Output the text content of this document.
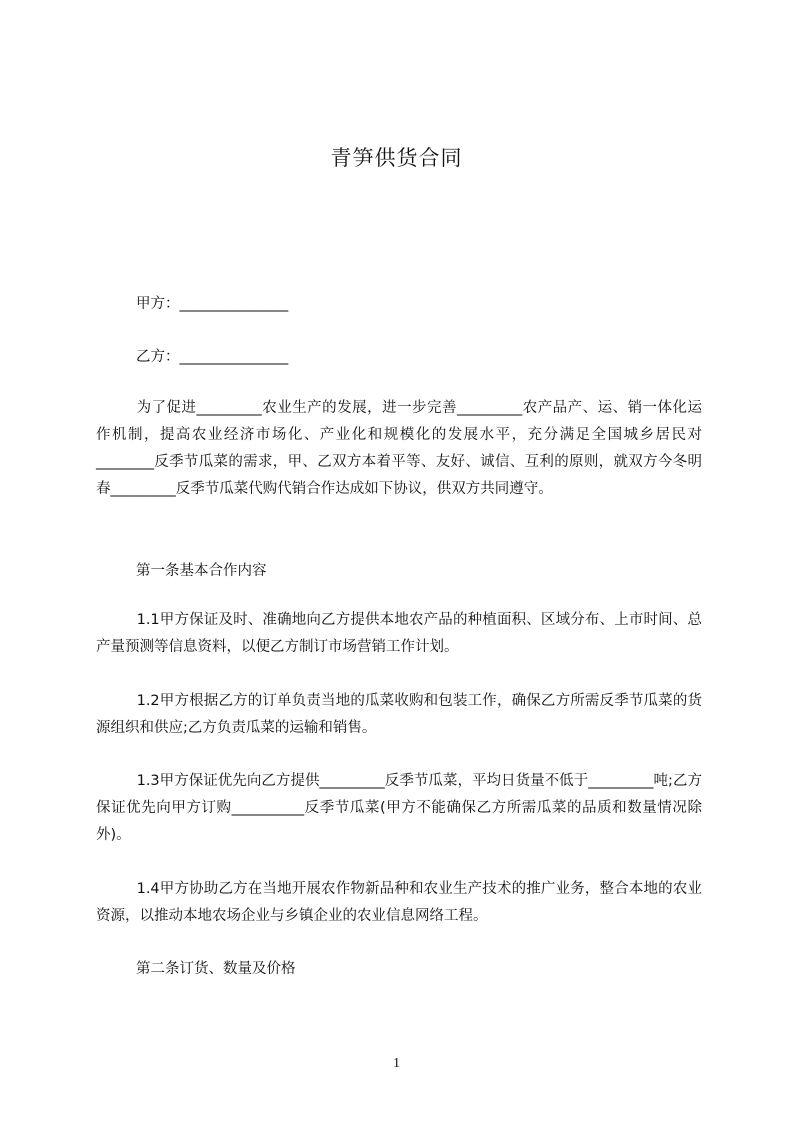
青笋供货合同
甲方：_______________
乙方：_______________
为了促进_________农业生产的发展，进一步完善_________农产品产、运、销一体化运作机制，提高农业经济市场化、产业化和规模化的发展水平，充分满足全国城乡居民对________反季节瓜菜的需求，甲、乙双方本着平等、友好、诚信、互利的原则，就双方今冬明春_________反季节瓜菜代购代销合作达成如下协议，供双方共同遵守。
第一条基本合作内容
1.1甲方保证及时、准确地向乙方提供本地农产品的种植面积、区域分布、上市时间、总产量预测等信息资料，以便乙方制订市场营销工作计划。
1.2甲方根据乙方的订单负责当地的瓜菜收购和包装工作，确保乙方所需反季节瓜菜的货源组织和供应;乙方负责瓜菜的运输和销售。
1.3甲方保证优先向乙方提供_________反季节瓜菜，平均日货量不低于_________吨;乙方保证优先向甲方订购__________反季节瓜菜(甲方不能确保乙方所需瓜菜的品质和数量情况除外)。
1.4甲方协助乙方在当地开展农作物新品种和农业生产技术的推广业务，整合本地的农业资源，以推动本地农场企业与乡镇企业的农业信息网络工程。
第二条订货、数量及价格
1
